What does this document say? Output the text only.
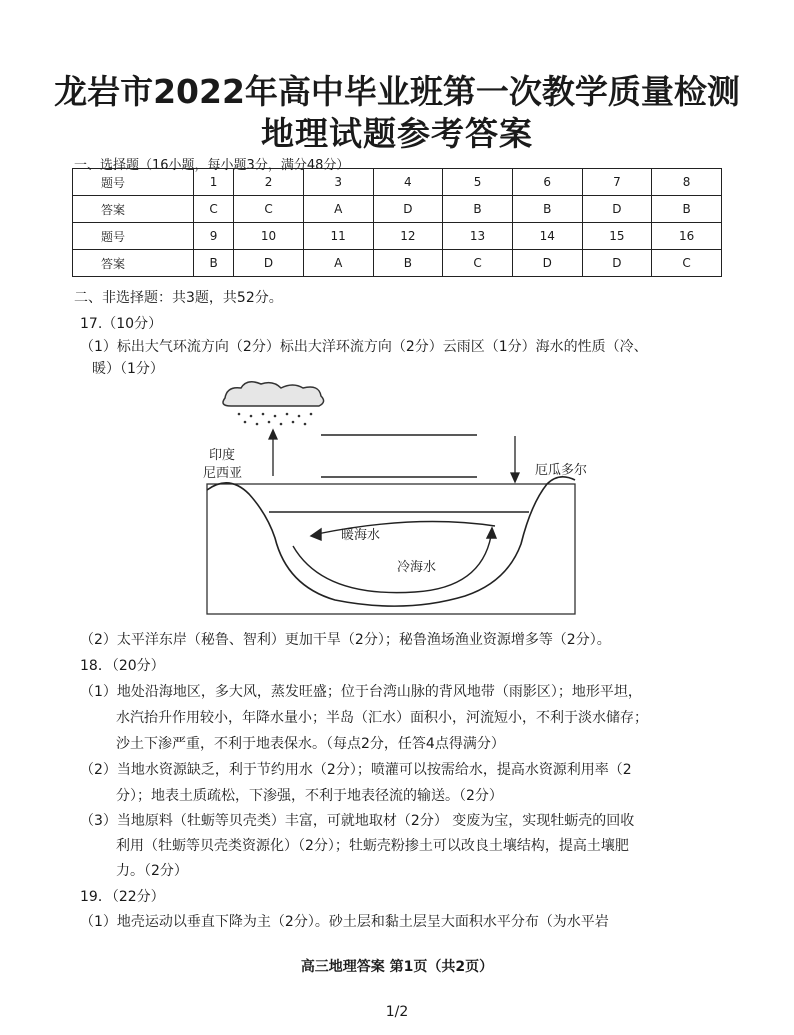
龙岩市2022年高中毕业班第一次教学质量检测
地理试题参考答案
一、选择题（16小题，每小题3分，满分48分）
题号	1	2	3	4	5	6	7	8
答案	C	C	A	D	B	B	D	B
题号	9	10	11	12	13	14	15	16
答案	B	D	A	B	C	D	D	C
二、非选择题：共3题，共52分。
17.（10分）
（1）标出大气环流方向（2分）标出大洋环流方向（2分）云雨区（1分）海水的性质（冷、
暖）（1分）
印度
尼西亚	厄瓜多尔
暖海水
冷海水
（2）太平洋东岸（秘鲁、智利）更加干旱（2分）；秘鲁渔场渔业资源增多等（2分）。
18．（20分）
（1）地处沿海地区，多大风，蒸发旺盛；位于台湾山脉的背风地带（雨影区）；地形平坦，
水汽抬升作用较小，年降水量小；半岛（汇水）面积小，河流短小，不利于淡水储存；
沙土下渗严重，不利于地表保水。（每点2分，任答4点得满分）
（2）当地水资源缺乏，利于节约用水（2分）；喷灌可以按需给水，提高水资源利用率（2
分）；地表土质疏松，下渗强，不利于地表径流的输送。（2分）
（3）当地原料（牡蛎等贝壳类）丰富，可就地取材（2分） 变废为宝，实现牡蛎壳的回收
利用（牡蛎等贝壳类资源化）（2分）；牡蛎壳粉掺土可以改良土壤结构，提高土壤肥
力。（2分）
19．（22分）
（1）地壳运动以垂直下降为主（2分）。砂土层和黏土层呈大面积水平分布（为水平岩
高三地理答案 第1页（共2页）
1/2
